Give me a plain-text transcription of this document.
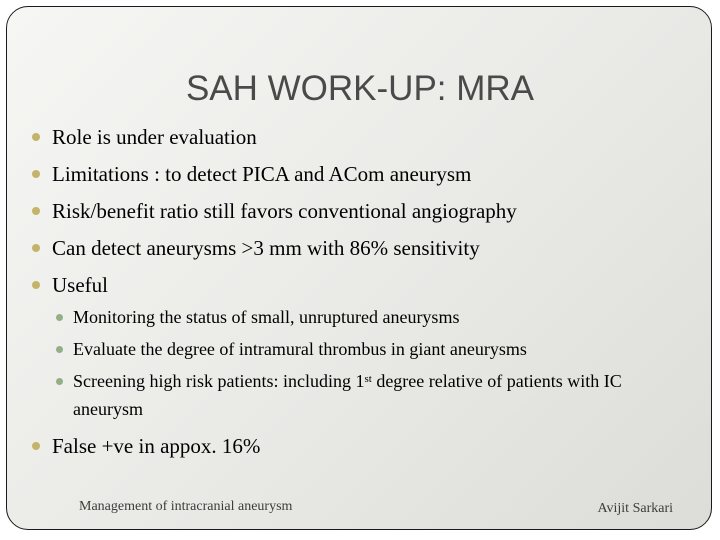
SAH WORK-UP: MRA
Role is under evaluation
Limitations : to detect PICA and ACom aneurysm
Risk/benefit ratio still favors conventional angiography
Can detect aneurysms >3 mm with 86% sensitivity
Useful
Monitoring the status of small, unruptured aneurysms
Evaluate the degree of intramural thrombus in giant aneurysms
Screening high risk patients: including 1st degree relative of patients with IC aneurysm
False +ve in appox. 16%
Management of intracranial aneurysm	Avijit Sarkari
